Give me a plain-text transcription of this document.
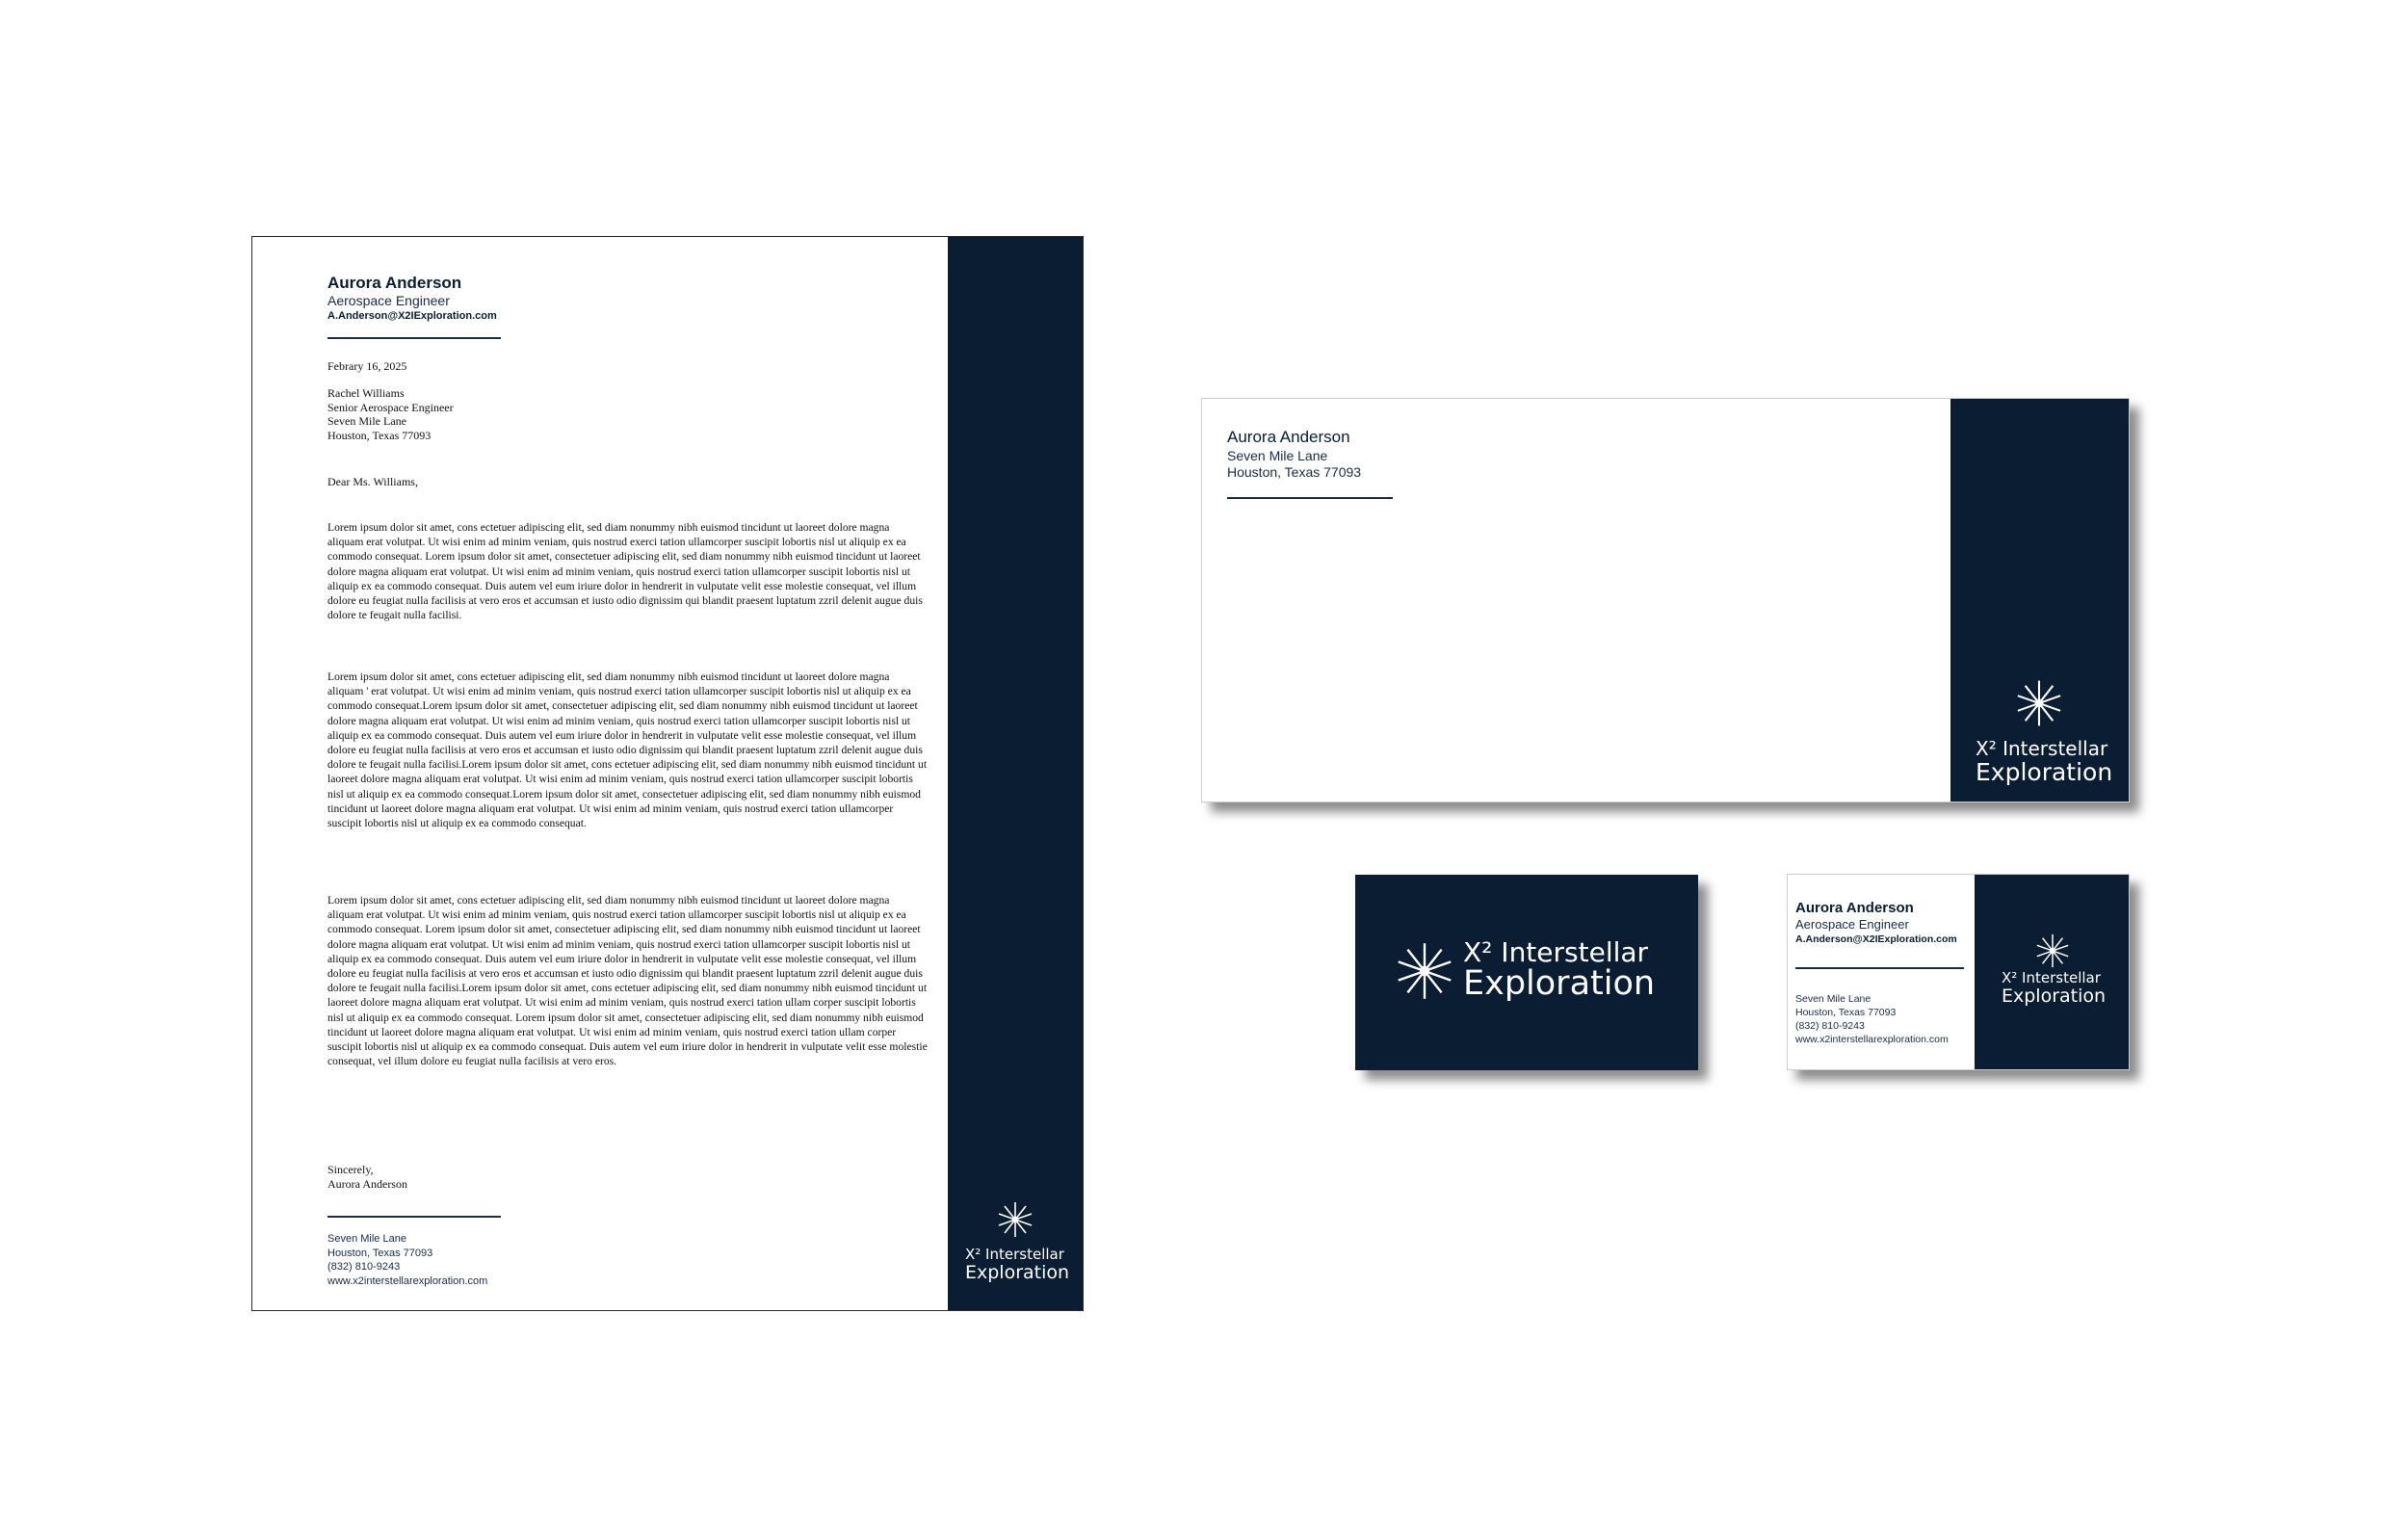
Aurora Anderson
Aerospace Engineer
A.Anderson@X2IExploration.com
Febrary 16, 2025
Rachel Williams
Senior Aerospace Engineer
Seven Mile Lane
Houston, Texas 77093
Dear Ms. Williams,
Lorem ipsum dolor sit amet, cons ectetuer adipiscing elit, sed diam nonummy nibh euismod tincidunt ut laoreet dolore magna aliquam erat volutpat. Ut wisi enim ad minim veniam, quis nostrud exerci tation ullamcorper suscipit lobortis nisl ut aliquip ex ea commodo consequat. Lorem ipsum dolor sit amet, consectetuer adipiscing elit, sed diam nonummy nibh euismod tincidunt ut laoreet dolore magna aliquam erat volutpat. Ut wisi enim ad minim veniam, quis nostrud exerci tation ullamcorper suscipit lobortis nisl ut aliquip ex ea commodo consequat. Duis autem vel eum iriure dolor in hendrerit in vulputate velit esse molestie consequat, vel illum dolore eu feugiat nulla facilisis at vero eros et accumsan et iusto odio dignissim qui blandit praesent luptatum zzril delenit augue duis dolore te feugait nulla facilisi.
Lorem ipsum dolor sit amet, cons ectetuer adipiscing elit, sed diam nonummy nibh euismod tincidunt ut laoreet dolore magna aliquam ' erat volutpat. Ut wisi enim ad minim veniam, quis nostrud exerci tation ullamcorper suscipit lobortis nisl ut aliquip ex ea commodo consequat.Lorem ipsum dolor sit amet, consectetuer adipiscing elit, sed diam nonummy nibh euismod tincidunt ut laoreet dolore magna aliquam erat volutpat. Ut wisi enim ad minim veniam, quis nostrud exerci tation ullamcorper suscipit lobortis nisl ut aliquip ex ea commodo consequat. Duis autem vel eum iriure dolor in hendrerit in vulputate velit esse molestie consequat, vel illum dolore eu feugiat nulla facilisis at vero eros et accumsan et iusto odio dignissim qui blandit praesent luptatum zzril delenit augue duis dolore te feugait nulla facilisi.Lorem ipsum dolor sit amet, cons ectetuer adipiscing elit, sed diam nonummy nibh euismod tincidunt ut laoreet dolore magna aliquam erat volutpat. Ut wisi enim ad minim veniam, quis nostrud exerci tation ullamcorper suscipit lobortis nisl ut aliquip ex ea commodo consequat.Lorem ipsum dolor sit amet, consectetuer adipiscing elit, sed diam nonummy nibh euismod tincidunt ut laoreet dolore magna aliquam erat volutpat. Ut wisi enim ad minim veniam, quis nostrud exerci tation ullamcorper suscipit lobortis nisl ut aliquip ex ea commodo consequat.
Lorem ipsum dolor sit amet, cons ectetuer adipiscing elit, sed diam nonummy nibh euismod tincidunt ut laoreet dolore magna aliquam erat volutpat. Ut wisi enim ad minim veniam, quis nostrud exerci tation ullamcorper suscipit lobortis nisl ut aliquip ex ea commodo consequat. Lorem ipsum dolor sit amet, consectetuer adipiscing elit, sed diam nonummy nibh euismod tincidunt ut laoreet dolore magna aliquam erat volutpat. Ut wisi enim ad minim veniam, quis nostrud exerci tation ullamcorper suscipit lobortis nisl ut aliquip ex ea commodo consequat. Duis autem vel eum iriure dolor in hendrerit in vulputate velit esse molestie consequat, vel illum dolore eu feugiat nulla facilisis at vero eros et accumsan et iusto odio dignissim qui blandit praesent luptatum zzril delenit augue duis dolore te feugait nulla facilisi.Lorem ipsum dolor sit amet, cons ectetuer adipiscing elit, sed diam nonummy nibh euismod tincidunt ut laoreet dolore magna aliquam erat volutpat. Ut wisi enim ad minim veniam, quis nostrud exerci tation ullam corper suscipit lobortis nisl ut aliquip ex ea commodo consequat. Lorem ipsum dolor sit amet, consectetuer adipiscing elit, sed diam nonummy nibh euismod tincidunt ut laoreet dolore magna aliquam erat volutpat. Ut wisi enim ad minim veniam, quis nostrud exerci tation ullam corper suscipit lobortis nisl ut aliquip ex ea commodo consequat. Duis autem vel eum iriure dolor in hendrerit in vulputate velit esse molestie consequat, vel illum dolore eu feugiat nulla facilisis at vero eros.
Sincerely,
Aurora Anderson
Seven Mile Lane
Houston, Texas 77093
(832) 810-9243
www.x2interstellarexploration.com
X² Interstellar
Exploration
Aurora Anderson
Seven Mile Lane
Houston, Texas 77093
X² Interstellar
Exploration
X² Interstellar
Exploration
Aurora Anderson
Aerospace Engineer
A.Anderson@X2IExploration.com
Seven Mile Lane
Houston, Texas 77093
(832) 810-9243
www.x2interstellarexploration.com
X² Interstellar
Exploration
